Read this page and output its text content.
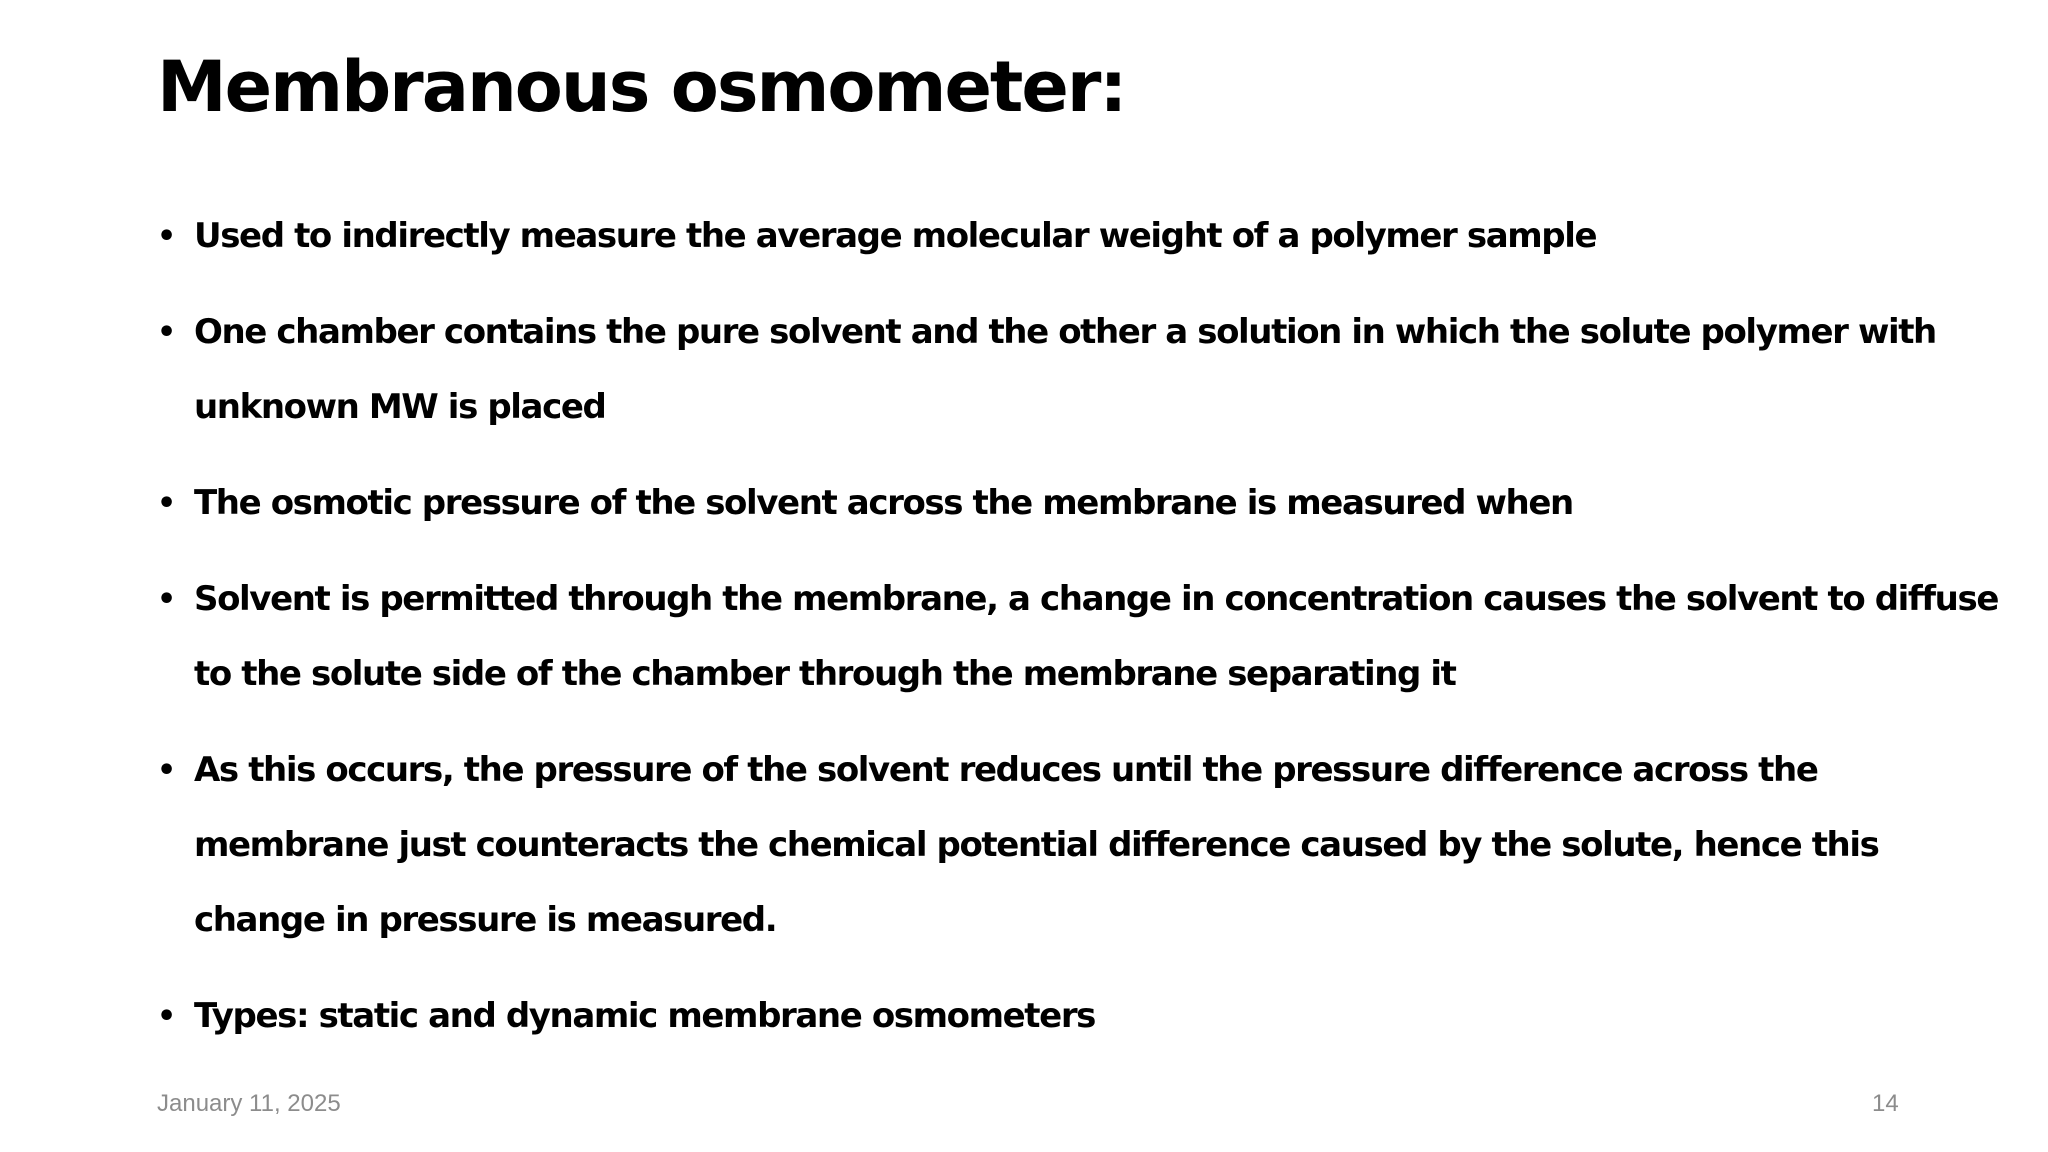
Membranous osmometer:
• Used to indirectly measure the average molecular weight of a polymer sample
• One chamber contains the pure solvent and the other a solution in which the solute polymer with unknown MW is placed
• The osmotic pressure of the solvent across the membrane is measured when
• Solvent is permitted through the membrane, a change in concentration causes the solvent to diffuse to the solute side of the chamber through the membrane separating it
• As this occurs, the pressure of the solvent reduces until the pressure difference across the membrane just counteracts the chemical potential difference caused by the solute, hence this change in pressure is measured.
• Types: static and dynamic membrane osmometers
January 11, 2025	14
